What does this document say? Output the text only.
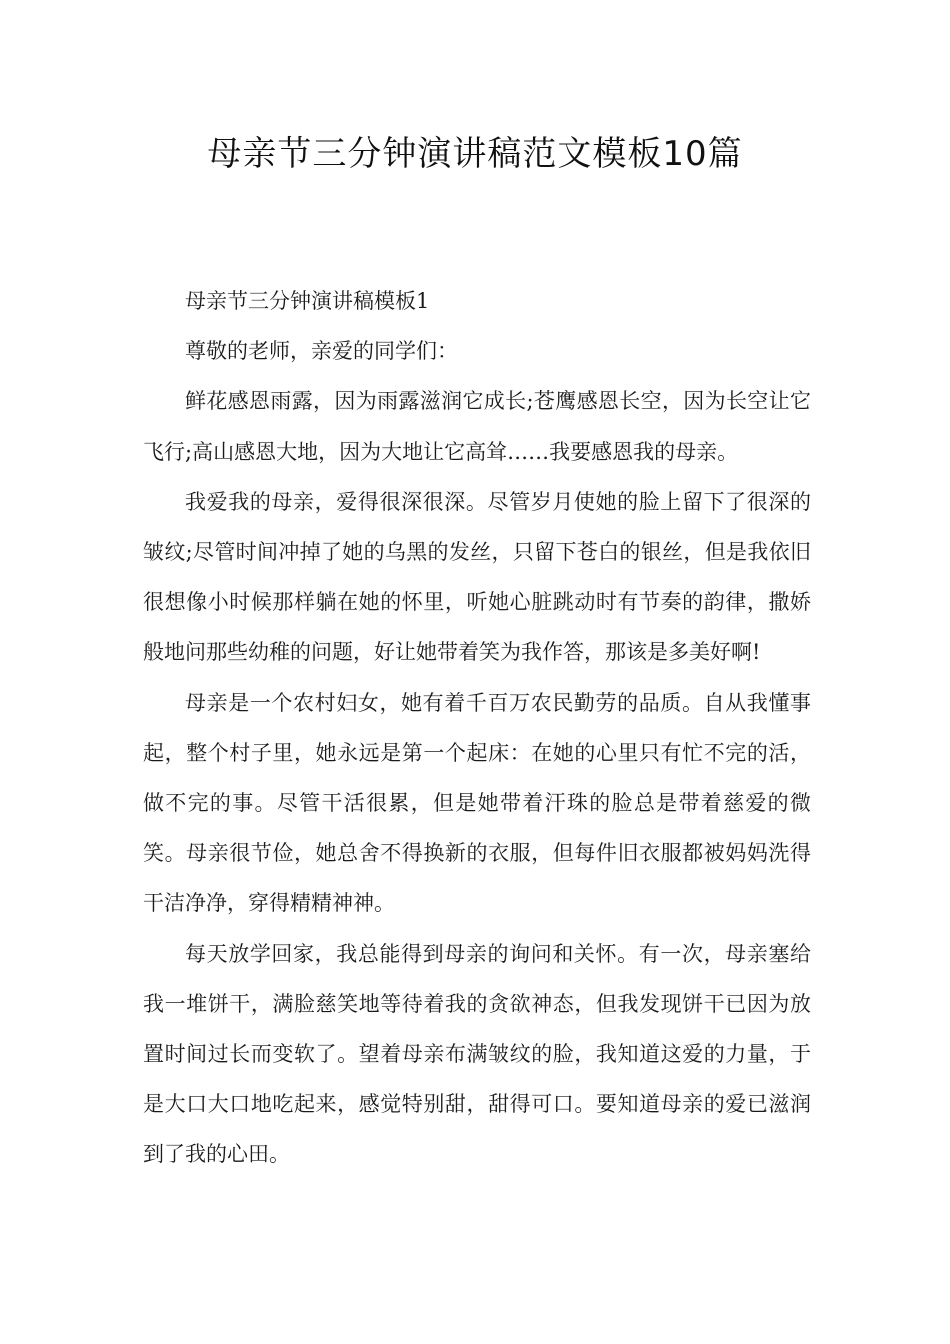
母亲节三分钟演讲稿范文模板10篇

母亲节三分钟演讲稿模板1

尊敬的老师，亲爱的同学们：

鲜花感恩雨露，因为雨露滋润它成长;苍鹰感恩长空，因为长空让它飞行;高山感恩大地，因为大地让它高耸……我要感恩我的母亲。

我爱我的母亲，爱得很深很深。尽管岁月使她的脸上留下了很深的皱纹;尽管时间冲掉了她的乌黑的发丝，只留下苍白的银丝，但是我依旧很想像小时候那样躺在她的怀里，听她心脏跳动时有节奏的韵律，撒娇般地问那些幼稚的问题，好让她带着笑为我作答，那该是多美好啊!

母亲是一个农村妇女，她有着千百万农民勤劳的品质。自从我懂事起，整个村子里，她永远是第一个起床：在她的心里只有忙不完的活，做不完的事。尽管干活很累，但是她带着汗珠的脸总是带着慈爱的微笑。母亲很节俭，她总舍不得换新的衣服，但每件旧衣服都被妈妈洗得干洁净净，穿得精精神神。

每天放学回家，我总能得到母亲的询问和关怀。有一次，母亲塞给我一堆饼干，满脸慈笑地等待着我的贪欲神态，但我发现饼干已因为放置时间过长而变软了。望着母亲布满皱纹的脸，我知道这爱的力量，于是大口大口地吃起来，感觉特别甜，甜得可口。要知道母亲的爱已滋润到了我的心田。
